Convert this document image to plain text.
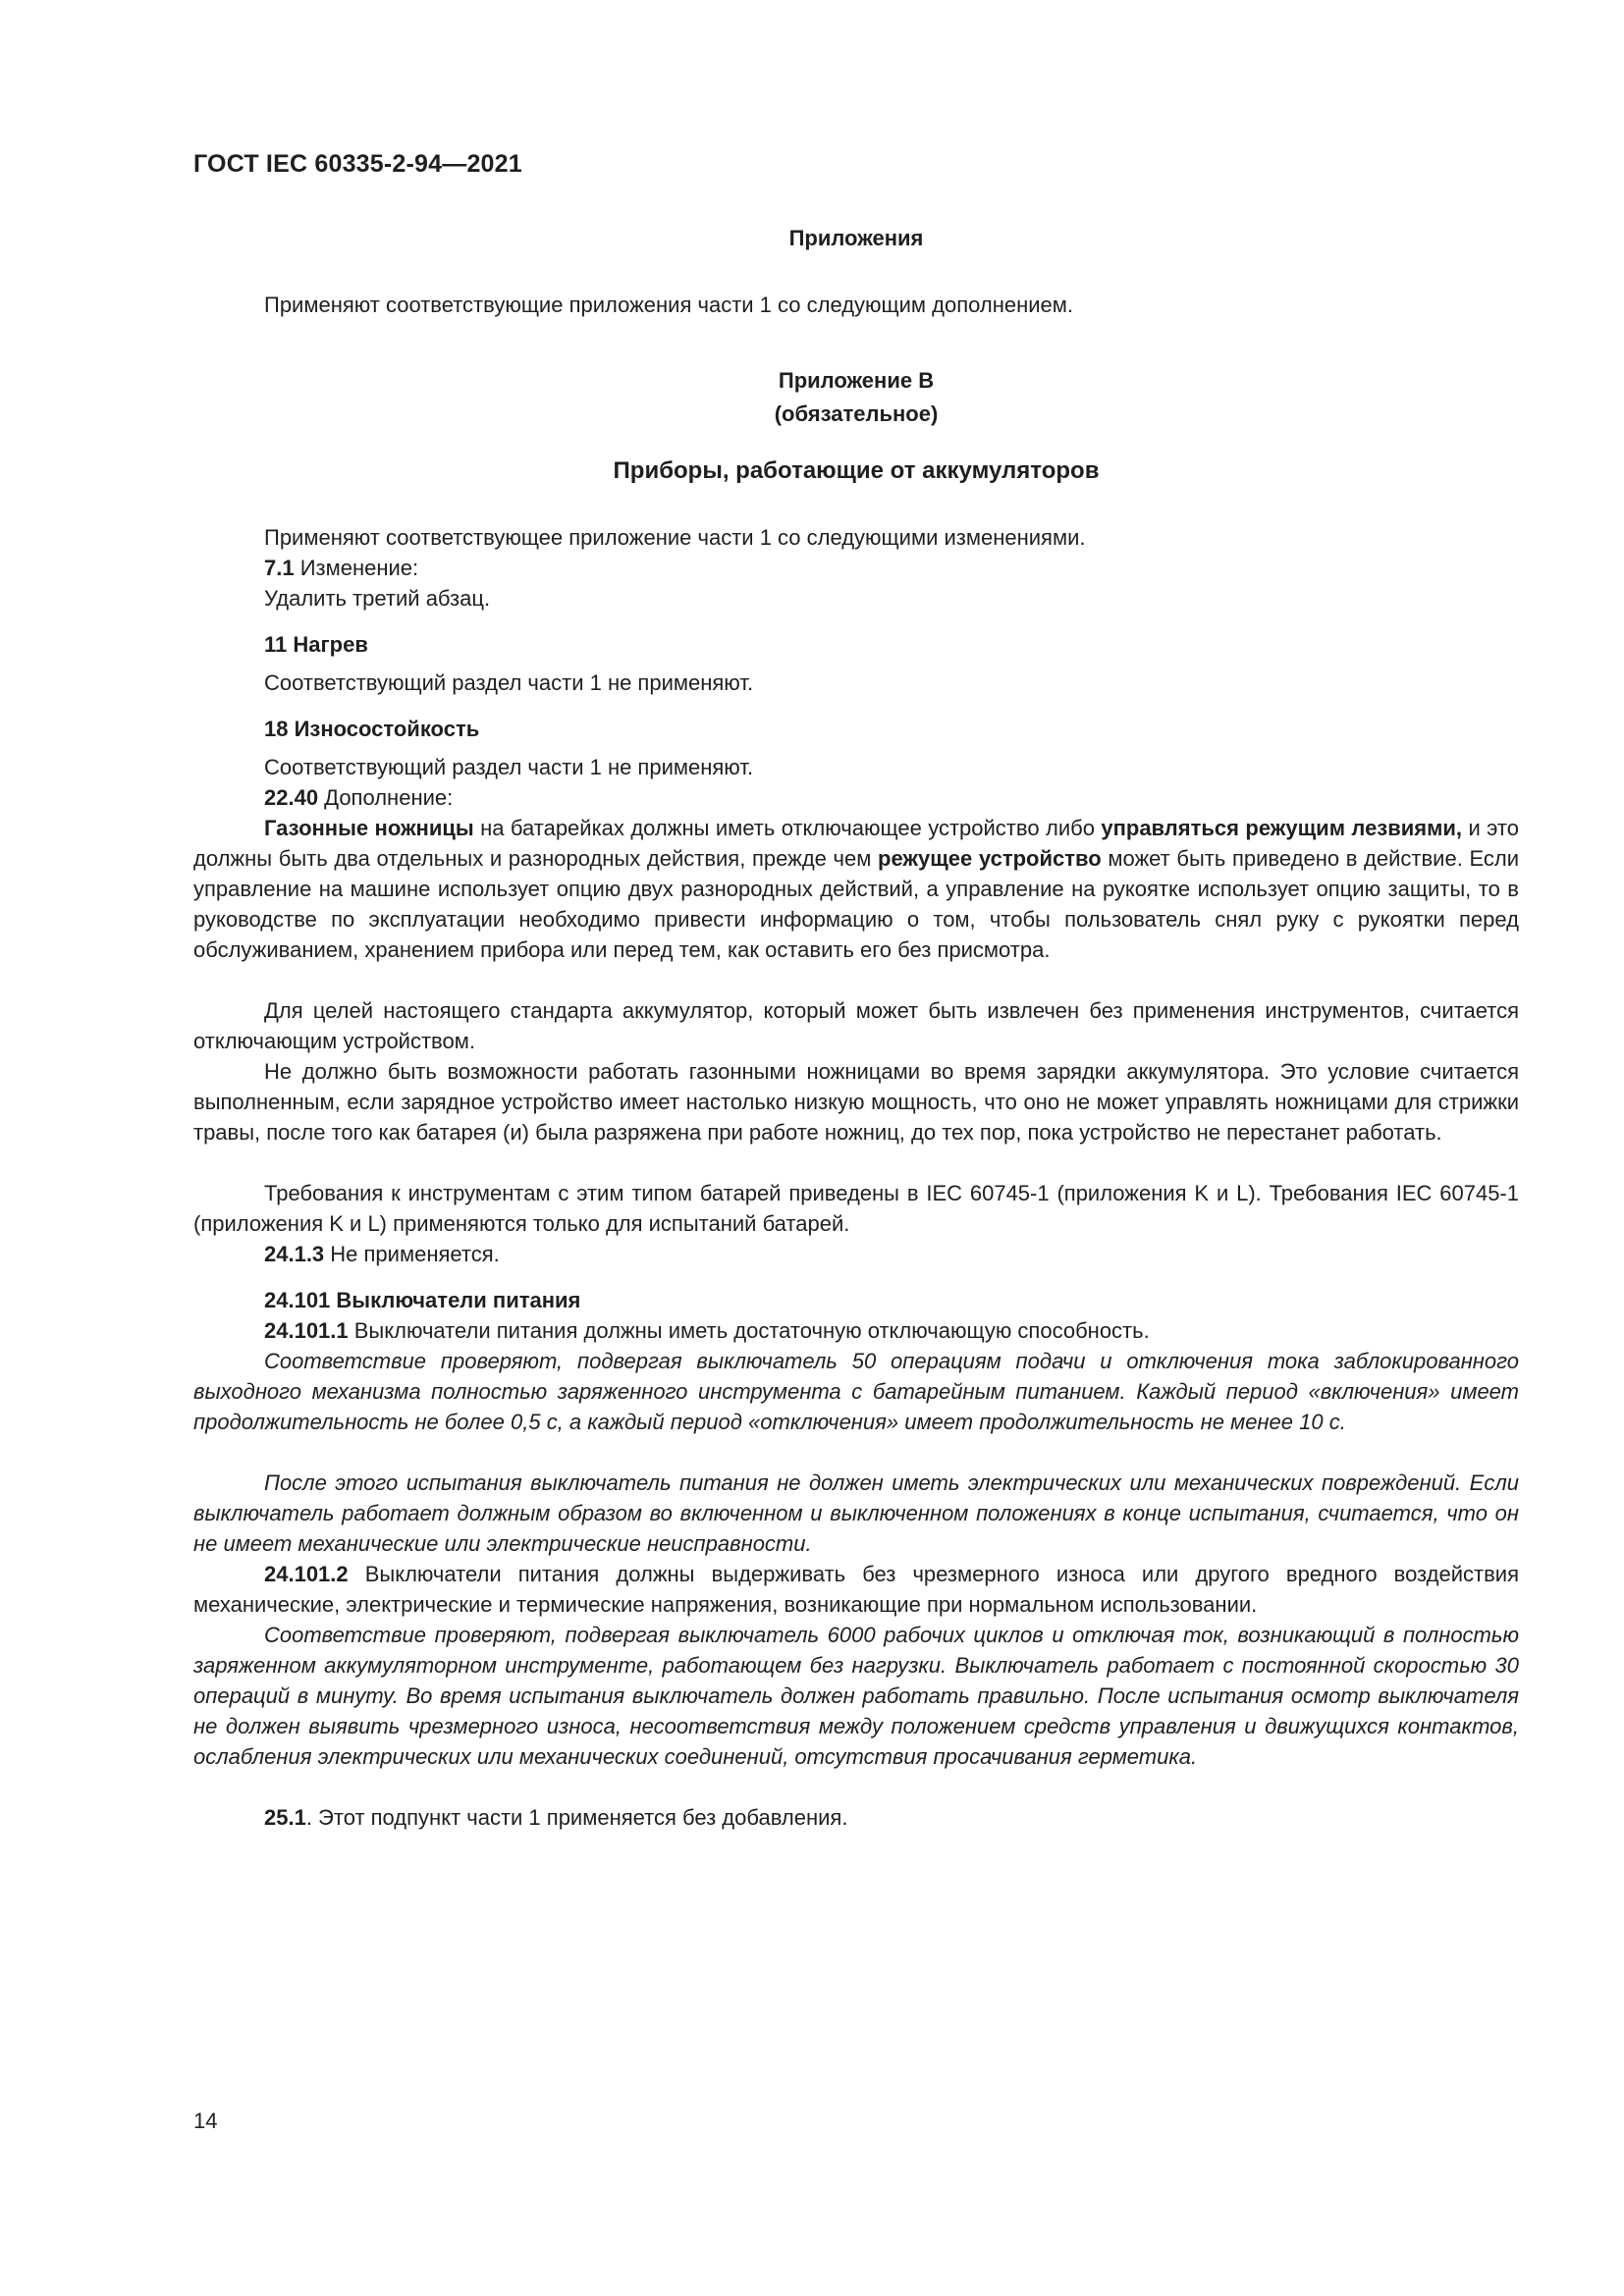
ГОСТ IEC 60335-2-94—2021
Приложения
Применяют соответствующие приложения части 1 со следующим дополнением.
Приложение В
(обязательное)
Приборы, работающие от аккумуляторов
Применяют соответствующее приложение части 1 со следующими изменениями.
7.1 Изменение:
Удалить третий абзац.
11 Нагрев
Соответствующий раздел части 1 не применяют.
18 Износостойкость
Соответствующий раздел части 1 не применяют.
22.40 Дополнение:
Газонные ножницы на батарейках должны иметь отключающее устройство либо управляться режущим лезвиями, и это должны быть два отдельных и разнородных действия, прежде чем режущее устройство может быть приведено в действие. Если управление на машине использует опцию двух разнородных действий, а управление на рукоятке использует опцию защиты, то в руководстве по эксплуатации необходимо привести информацию о том, чтобы пользователь снял руку с рукоятки перед обслуживанием, хранением прибора или перед тем, как оставить его без присмотра.
Для целей настоящего стандарта аккумулятор, который может быть извлечен без применения инструментов, считается отключающим устройством.
Не должно быть возможности работать газонными ножницами во время зарядки аккумулятора. Это условие считается выполненным, если зарядное устройство имеет настолько низкую мощность, что оно не может управлять ножницами для стрижки травы, после того как батарея (и) была разряжена при работе ножниц, до тех пор, пока устройство не перестанет работать.
Требования к инструментам с этим типом батарей приведены в IEC 60745-1 (приложения K и L). Требования IEC 60745-1 (приложения K и L) применяются только для испытаний батарей.
24.1.3 Не применяется.
24.101 Выключатели питания
24.101.1 Выключатели питания должны иметь достаточную отключающую способность.
Соответствие проверяют, подвергая выключатель 50 операциям подачи и отключения тока заблокированного выходного механизма полностью заряженного инструмента с батарейным питанием. Каждый период «включения» имеет продолжительность не более 0,5 с, а каждый период «отключения» имеет продолжительность не менее 10 с.
После этого испытания выключатель питания не должен иметь электрических или механических повреждений. Если выключатель работает должным образом во включенном и выключенном положениях в конце испытания, считается, что он не имеет механические или электрические неисправности.
24.101.2 Выключатели питания должны выдерживать без чрезмерного износа или другого вредного воздействия механические, электрические и термические напряжения, возникающие при нормальном использовании.
Соответствие проверяют, подвергая выключатель 6000 рабочих циклов и отключая ток, возникающий в полностью заряженном аккумуляторном инструменте, работающем без нагрузки. Выключатель работает с постоянной скоростью 30 операций в минуту. Во время испытания выключатель должен работать правильно. После испытания осмотр выключателя не должен выявить чрезмерного износа, несоответствия между положением средств управления и движущихся контактов, ослабления электрических или механических соединений, отсутствия просачивания герметика.
25.1. Этот подпункт части 1 применяется без добавления.
14
